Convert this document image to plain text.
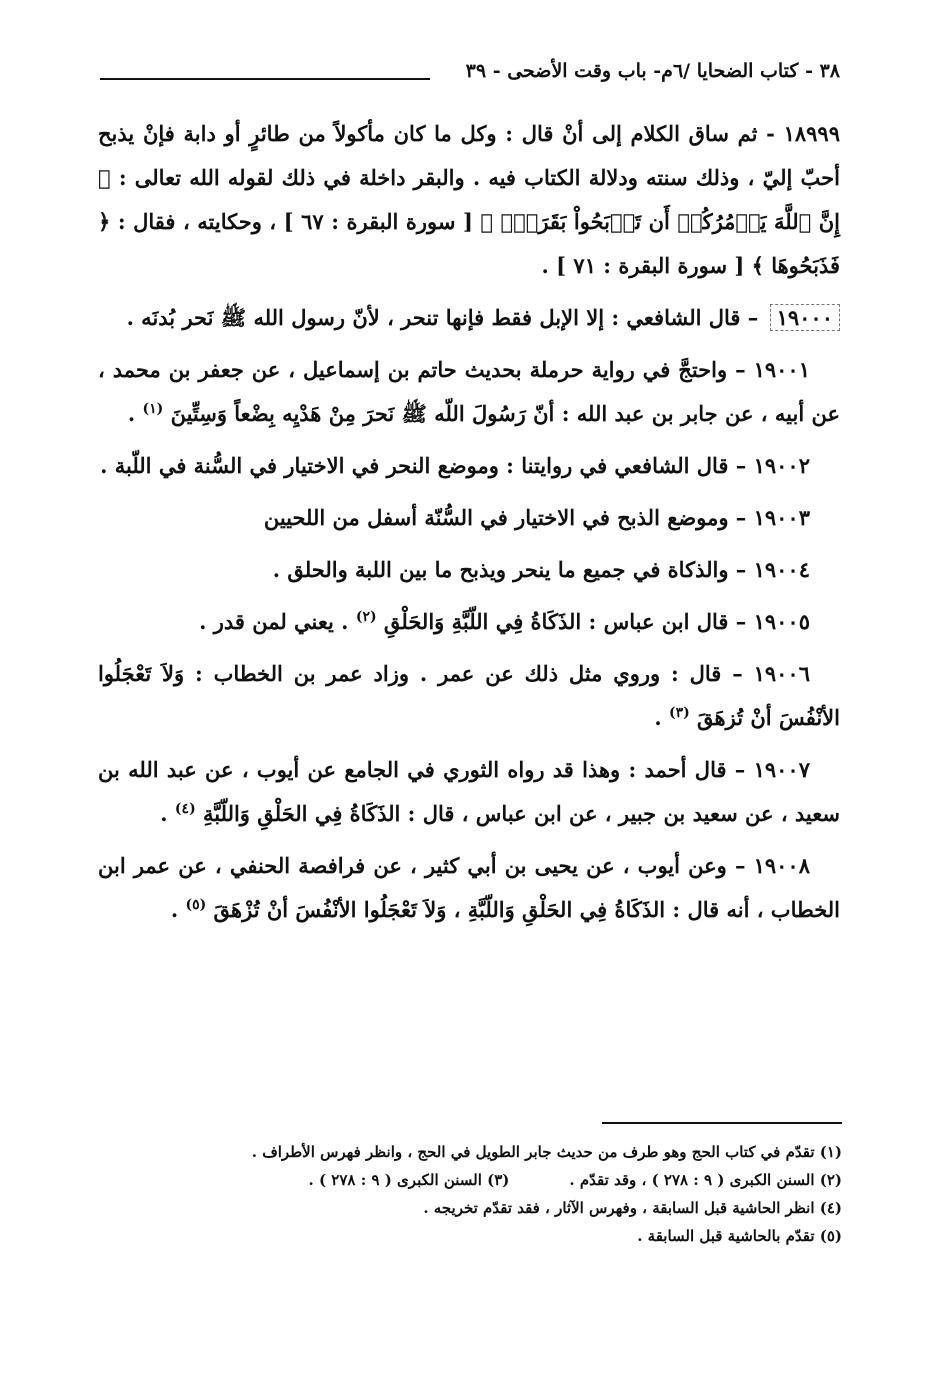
٣٨ - كتاب الضحايا /٦م- باب وقت الأضحى - ٣٩

١٨٩٩٩ - ثم ساق الكلام إلى أنْ قال : وكل ما كان مأكولاً من طائرٍ أو دابة فإنْ يذبح أحبّ إليّ ، وذلك سنته ودلالة الكتاب فيه . والبقر داخلة في ذلك لقوله الله تعالى : ﴿ إِنَّ ٱللَّهَ يَأۡمُرُكُمۡ أَن تَذۡبَحُواْ بَقَرَةٗۖ ﴾ [ سورة البقرة : ٦٧ ] ، وحكايته ، فقال : ﴿ فَذَبَحُوهَا ﴾ [ سورة البقرة : ٧١ ] .

١٩٠٠٠ – قال الشافعي : إلا الإبل فقط فإنها تنحر ، لأنّ رسول الله ﷺ نَحر بُدنَه .

١٩٠٠١ – واحتجَّ في رواية حرملة بحديث حاتم بن إسماعيل ، عن جعفر بن محمد ، عن أبيه ، عن جابر بن عبد الله : أنّ رَسُولَ اللّه ﷺ نَحرَ مِنْ هَدْيِه بِضْعاً وَسِتِّينَ $^{(١)}$ .

١٩٠٠٢ – قال الشافعي في روايتنا : وموضع النحر في الاختيار في السُّنة في اللّبة .

١٩٠٠٣ – وموضع الذبح في الاختيار في السُّنّة أسفل من اللحيين

١٩٠٠٤ – والذكاة في جميع ما ينحر ويذبح ما بين اللبة والحلق .

١٩٠٠٥ – قال ابن عباس : الذَكَاةُ فِي اللّبَّةِ وَالحَلْقِ $^{(٢)}$ . يعني لمن قدر .

١٩٠٠٦ – قال : وروي مثل ذلك عن عمر . وزاد عمر بن الخطاب : وَلاَ تَعْجَلُوا الأنْفُسَ أنْ تُزهَقَ $^{(٣)}$ .

١٩٠٠٧ – قال أحمد : وهذا قد رواه الثوري في الجامع عن أيوب ، عن عبد الله بن سعيد ، عن سعيد بن جبير ، عن ابن عباس ، قال : الذَكَاةُ فِي الحَلْقِ وَاللّبَّةِ $^{(٤)}$ .

١٩٠٠٨ – وعن أيوب ، عن يحيى بن أبي كثير ، عن فرافصة الحنفي ، عن عمر ابن الخطاب ، أنه قال : الذَكَاةُ فِي الحَلْقِ وَاللّبَّةِ ، وَلاَ تَعْجَلُوا الأنْفُسَ أنْ تُزْهَقَ $^{(٥)}$ .

(١) تقدّم في كتاب الحج وهو طرف من حديث جابر الطويل في الحج ، وانظر فهرس الأطراف .

(٢) السنن الكبرى ( ٩ : ٢٧٨ ) ، وقد تقدّم .(٣) السنن الكبرى ( ٩ : ٢٧٨ ) .

(٤) انظر الحاشية قبل السابقة ، وفهرس الآثار ، فقد تقدّم تخريجه .

(٥) تقدّم بالحاشية قبل السابقة .
